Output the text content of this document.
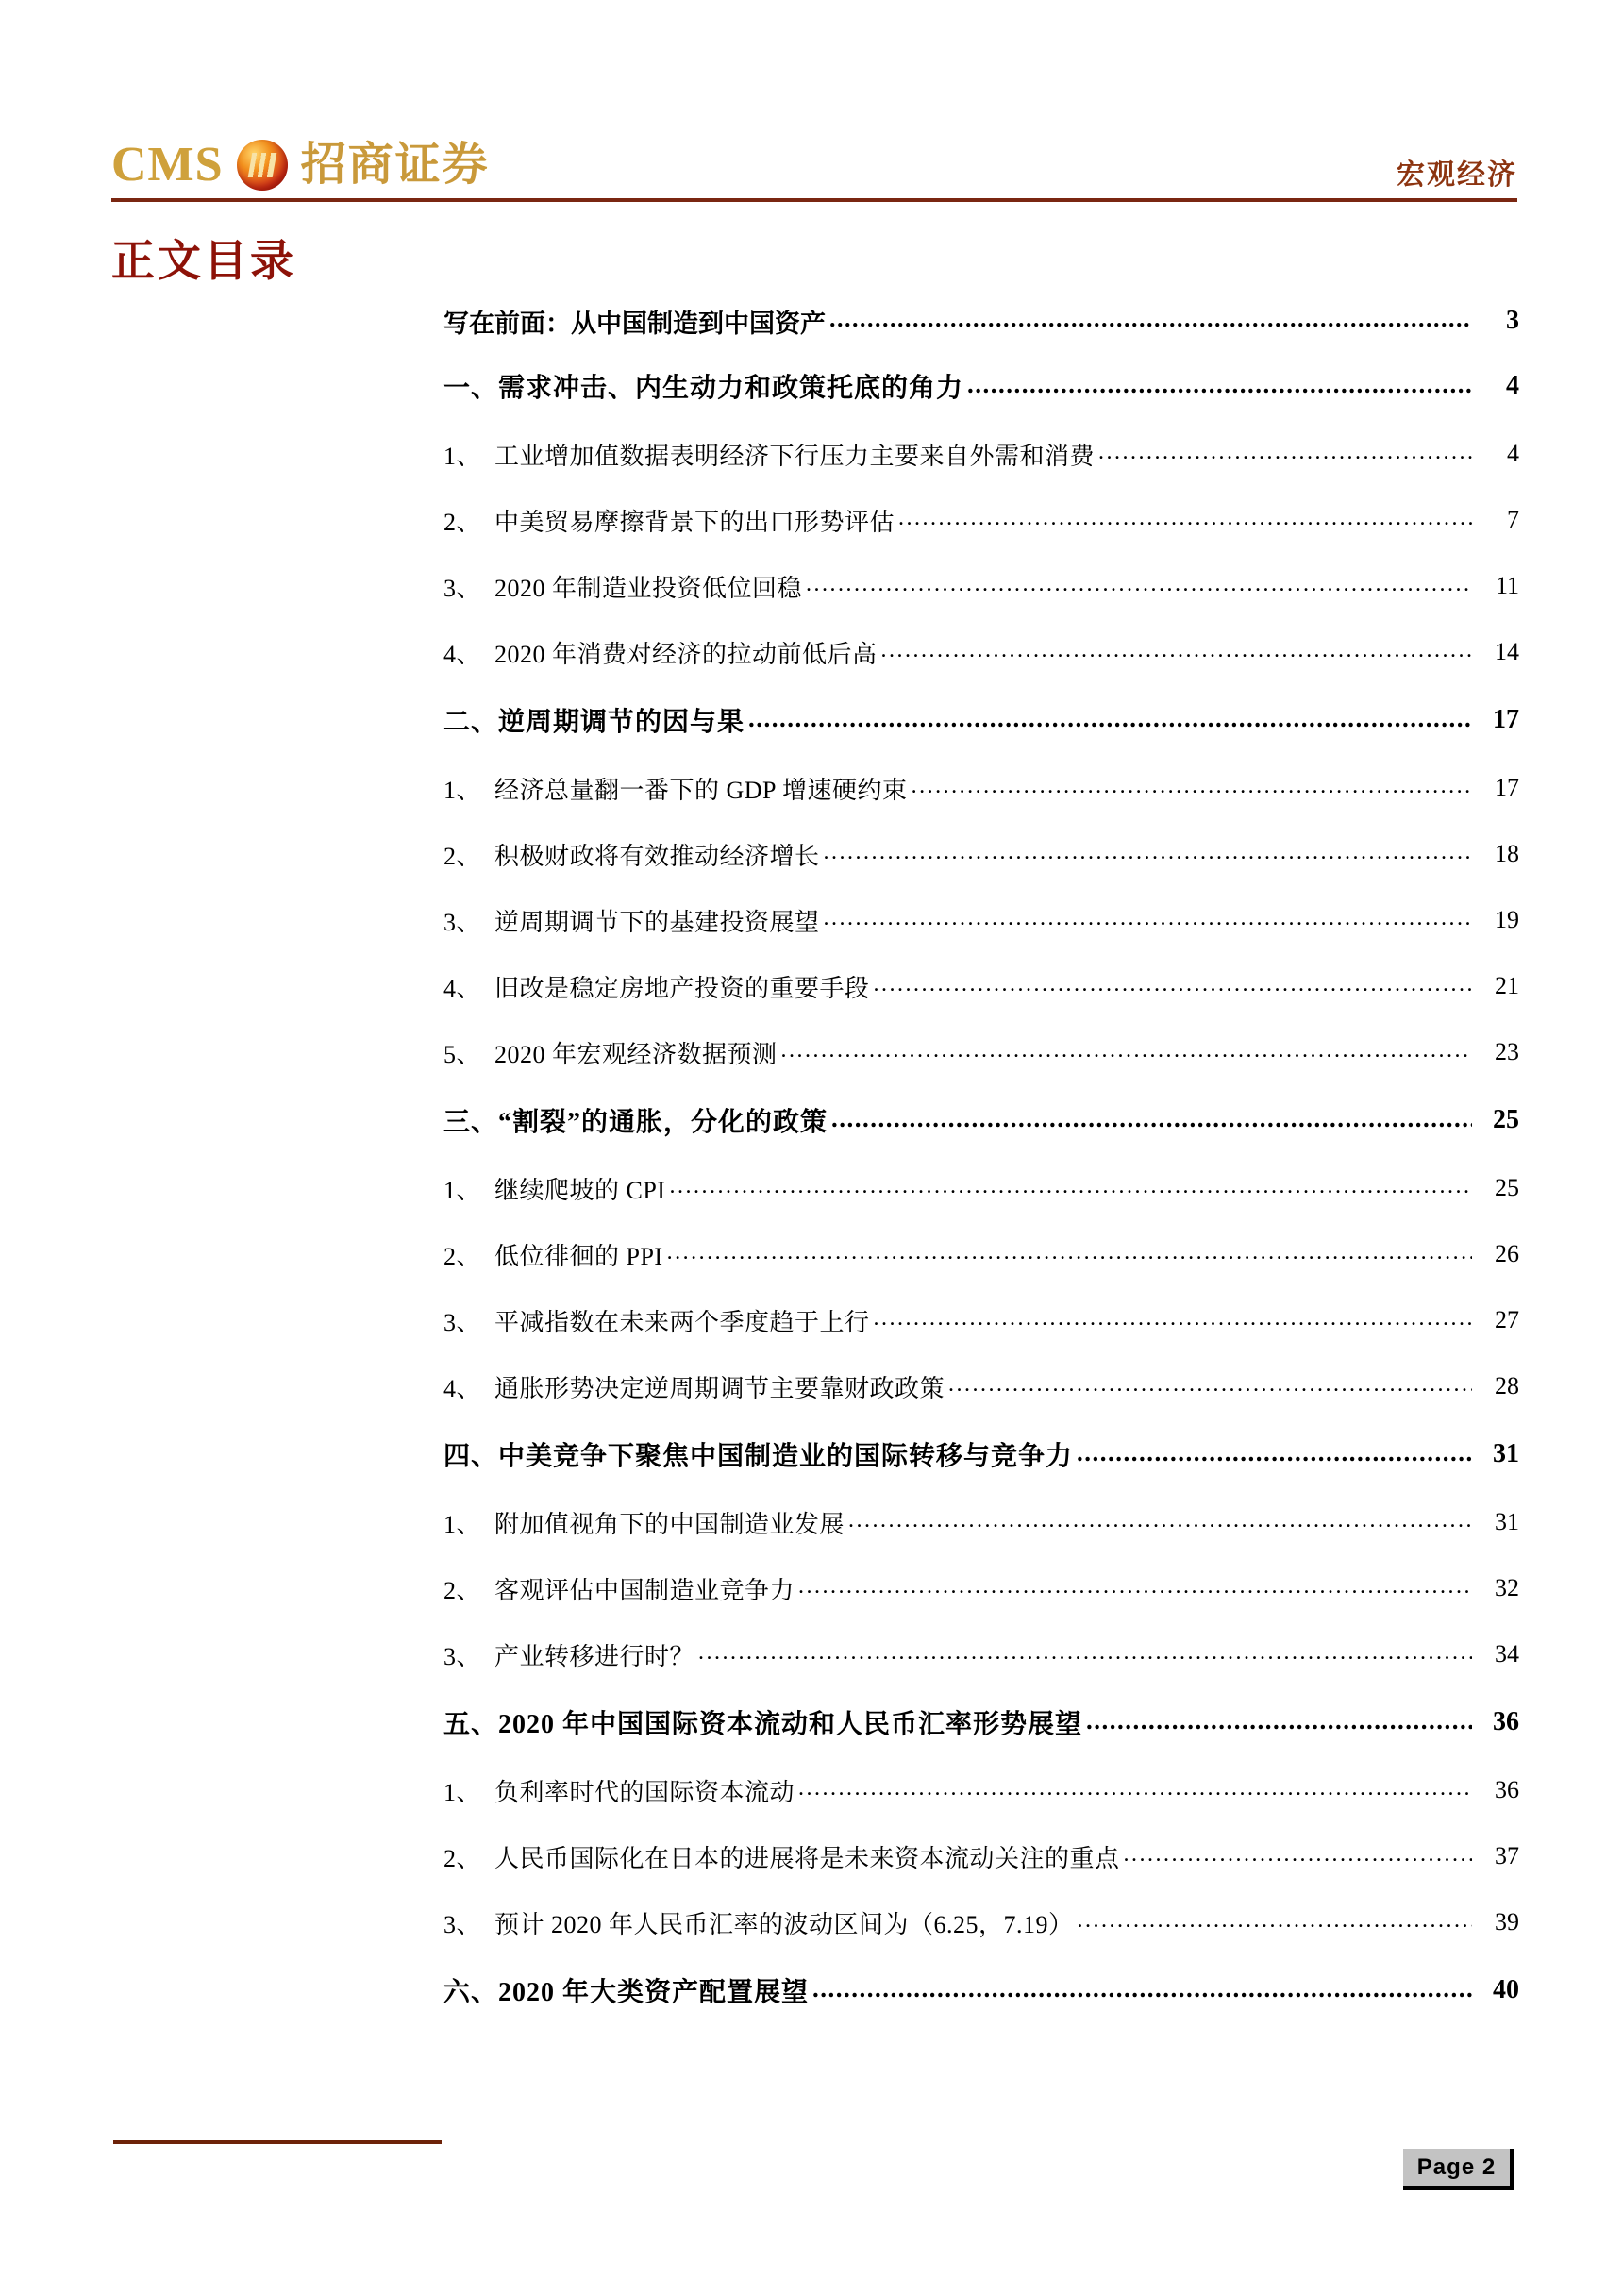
CMS 招商证券	宏观经济
正文目录
写在前面：从中国制造到中国资产 .....	3
一、需求冲击、内生动力和政策托底的角力 .....	4
1、 工业增加值数据表明经济下行压力主要来自外需和消费 .....	4
2、 中美贸易摩擦背景下的出口形势评估 .....	7
3、 2020 年制造业投资低位回稳 .....	11
4、 2020 年消费对经济的拉动前低后高 .....	14
二、逆周期调节的因与果 .....	17
1、 经济总量翻一番下的 GDP 增速硬约束 .....	17
2、 积极财政将有效推动经济增长 .....	18
3、 逆周期调节下的基建投资展望 .....	19
4、 旧改是稳定房地产投资的重要手段 .....	21
5、 2020 年宏观经济数据预测 .....	23
三、“割裂”的通胀，分化的政策 .....	25
1、 继续爬坡的 CPI .....	25
2、 低位徘徊的 PPI .....	26
3、 平减指数在未来两个季度趋于上行 .....	27
4、 通胀形势决定逆周期调节主要靠财政政策 .....	28
四、中美竞争下聚焦中国制造业的国际转移与竞争力 .....	31
1、 附加值视角下的中国制造业发展 .....	31
2、 客观评估中国制造业竞争力 .....	32
3、 产业转移进行时？ .....	34
五、2020 年中国国际资本流动和人民币汇率形势展望 .....	36
1、 负利率时代的国际资本流动 .....	36
2、 人民币国际化在日本的进展将是未来资本流动关注的重点 .....	37
3、 预计 2020 年人民币汇率的波动区间为（6.25，7.19） .....	39
六、2020 年大类资产配置展望 .....	40
Page 2
